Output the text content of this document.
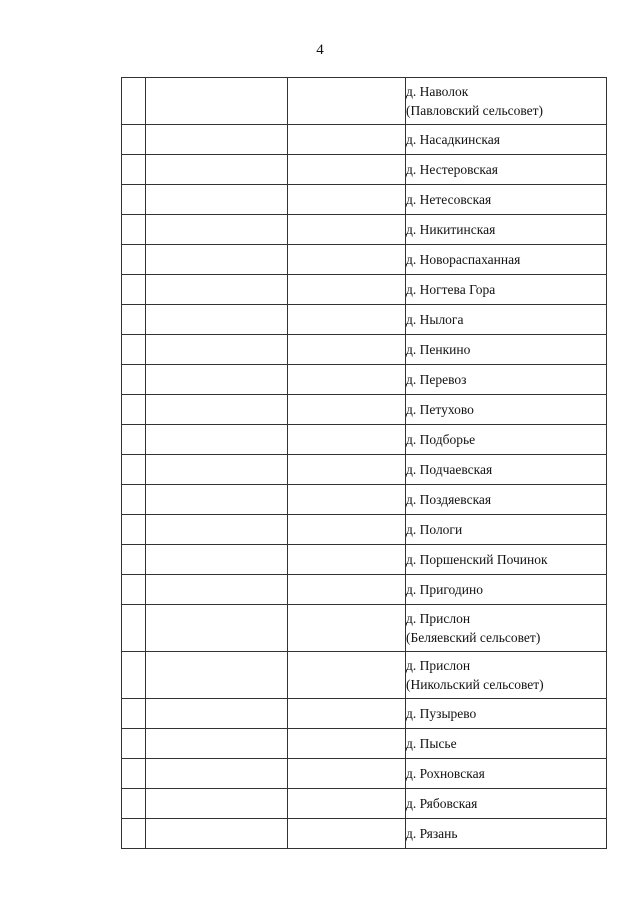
4

			д. Наволок
(Павловский сельсовет)

			д. Насадкинская

			д. Нестеровская

			д. Нетесовская

			д. Никитинская

			д. Новораспаханная

			д. Ногтева Гора

			д. Нылога

			д. Пенкино

			д. Перевоз

			д. Петухово

			д. Подборье

			д. Подчаевская

			д. Поздяевская

			д. Пологи

			д. Поршенский Починок

			д. Пригодино

			д. Прислон
(Беляевский сельсовет)

			д. Прислон
(Никольский сельсовет)

			д. Пузырево

			д. Пысье

			д. Рохновская

			д. Рябовская

			д. Рязань
